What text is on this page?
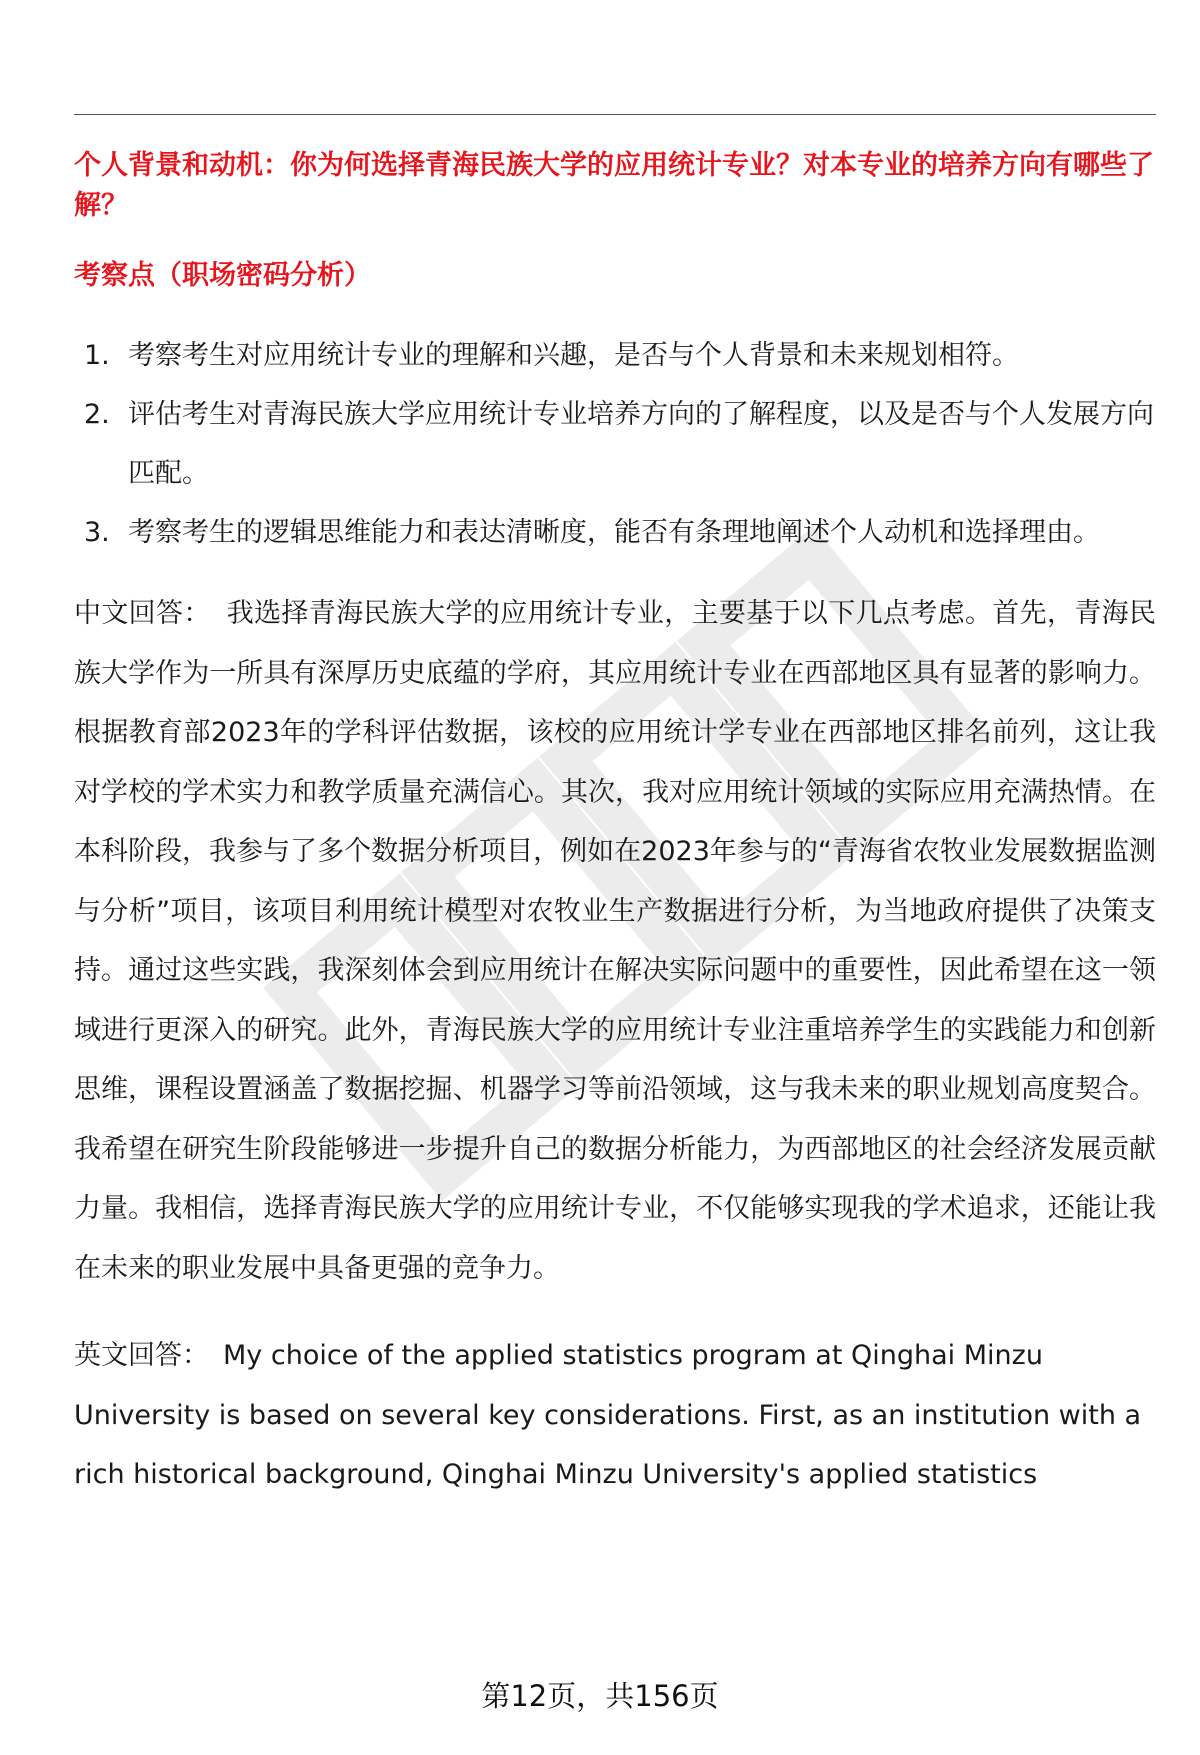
个人背景和动机：你为何选择青海民族大学的应用统计专业？对本专业的培养方向有哪些了解？

考察点（职场密码分析）

1. 考察考生对应用统计专业的理解和兴趣，是否与个人背景和未来规划相符。
2. 评估考生对青海民族大学应用统计专业培养方向的了解程度，以及是否与个人发展方向匹配。
3. 考察考生的逻辑思维能力和表达清晰度，能否有条理地阐述个人动机和选择理由。

中文回答： 我选择青海民族大学的应用统计专业，主要基于以下几点考虑。首先，青海民族大学作为一所具有深厚历史底蕴的学府，其应用统计专业在西部地区具有显著的影响力。根据教育部2023年的学科评估数据，该校的应用统计学专业在西部地区排名前列，这让我对学校的学术实力和教学质量充满信心。其次，我对应用统计领域的实际应用充满热情。在本科阶段，我参与了多个数据分析项目，例如在2023年参与的“青海省农牧业发展数据监测与分析”项目，该项目利用统计模型对农牧业生产数据进行分析，为当地政府提供了决策支持。通过这些实践，我深刻体会到应用统计在解决实际问题中的重要性，因此希望在这一领域进行更深入的研究。此外，青海民族大学的应用统计专业注重培养学生的实践能力和创新思维，课程设置涵盖了数据挖掘、机器学习等前沿领域，这与我未来的职业规划高度契合。我希望在研究生阶段能够进一步提升自己的数据分析能力，为西部地区的社会经济发展贡献力量。我相信，选择青海民族大学的应用统计专业，不仅能够实现我的学术追求，还能让我在未来的职业发展中具备更强的竞争力。

英文回答： My choice of the applied statistics program at Qinghai Minzu University is based on several key considerations. First, as an institution with a rich historical background, Qinghai Minzu University's applied statistics

第12页，共156页
